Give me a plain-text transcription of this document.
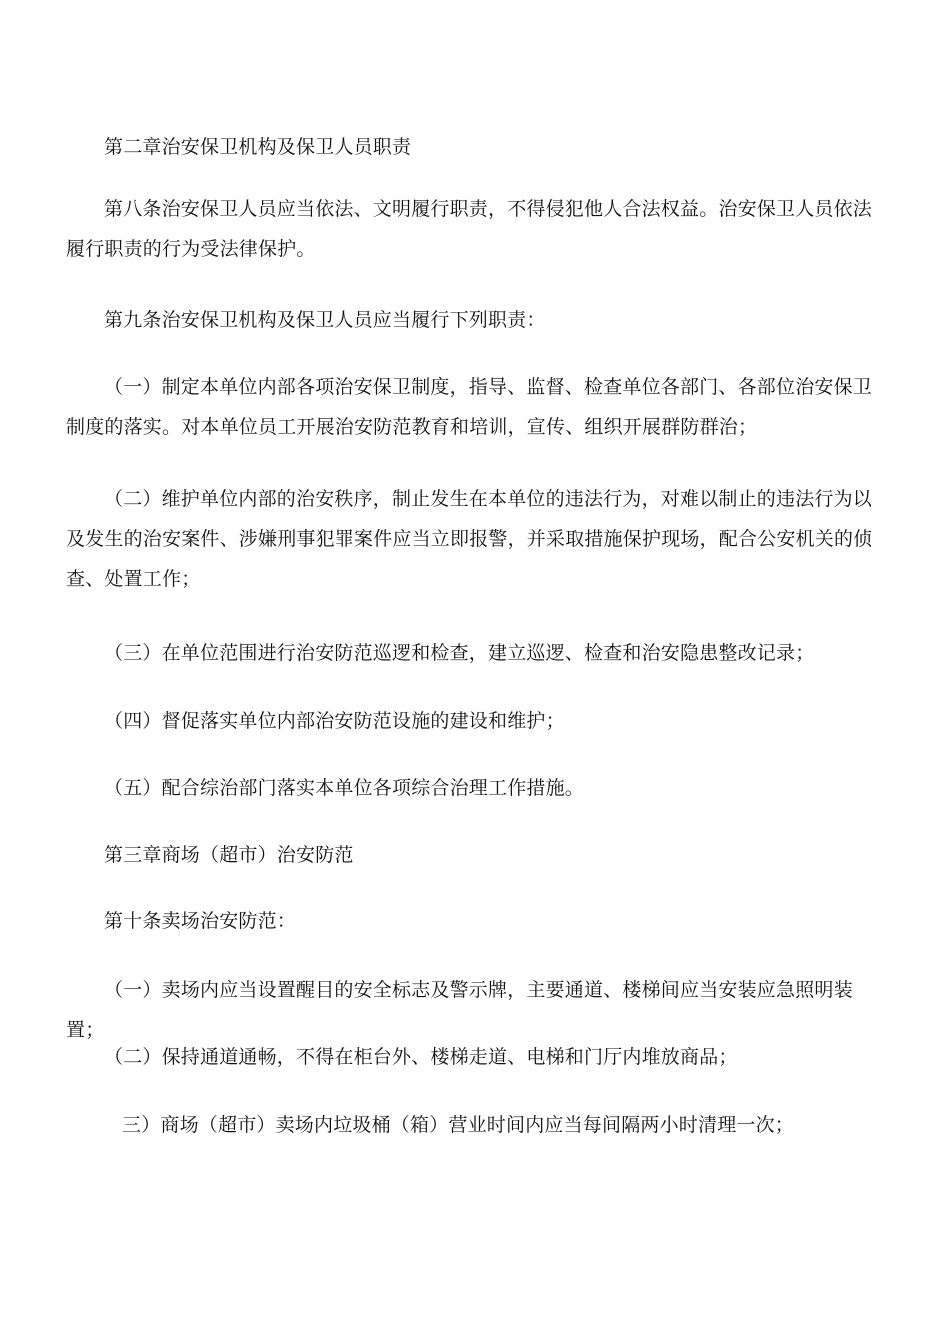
第二章治安保卫机构及保卫人员职责

第八条治安保卫人员应当依法、文明履行职责，不得侵犯他人合法权益。治安保卫人员依法履行职责的行为受法律保护。

第九条治安保卫机构及保卫人员应当履行下列职责：

（一）制定本单位内部各项治安保卫制度，指导、监督、检查单位各部门、各部位治安保卫制度的落实。对本单位员工开展治安防范教育和培训，宣传、组织开展群防群治；

（二）维护单位内部的治安秩序，制止发生在本单位的违法行为，对难以制止的违法行为以及发生的治安案件、涉嫌刑事犯罪案件应当立即报警，并采取措施保护现场，配合公安机关的侦查、处置工作；

（三）在单位范围进行治安防范巡逻和检查，建立巡逻、检查和治安隐患整改记录；

（四）督促落实单位内部治安防范设施的建设和维护；

（五）配合综治部门落实本单位各项综合治理工作措施。

第三章商场（超市）治安防范

第十条卖场治安防范：

（一）卖场内应当设置醒目的安全标志及警示牌，主要通道、楼梯间应当安装应急照明装置；

（二）保持通道通畅，不得在柜台外、楼梯走道、电梯和门厅内堆放商品；

三）商场（超市）卖场内垃圾桶（箱）营业时间内应当每间隔两小时清理一次；
